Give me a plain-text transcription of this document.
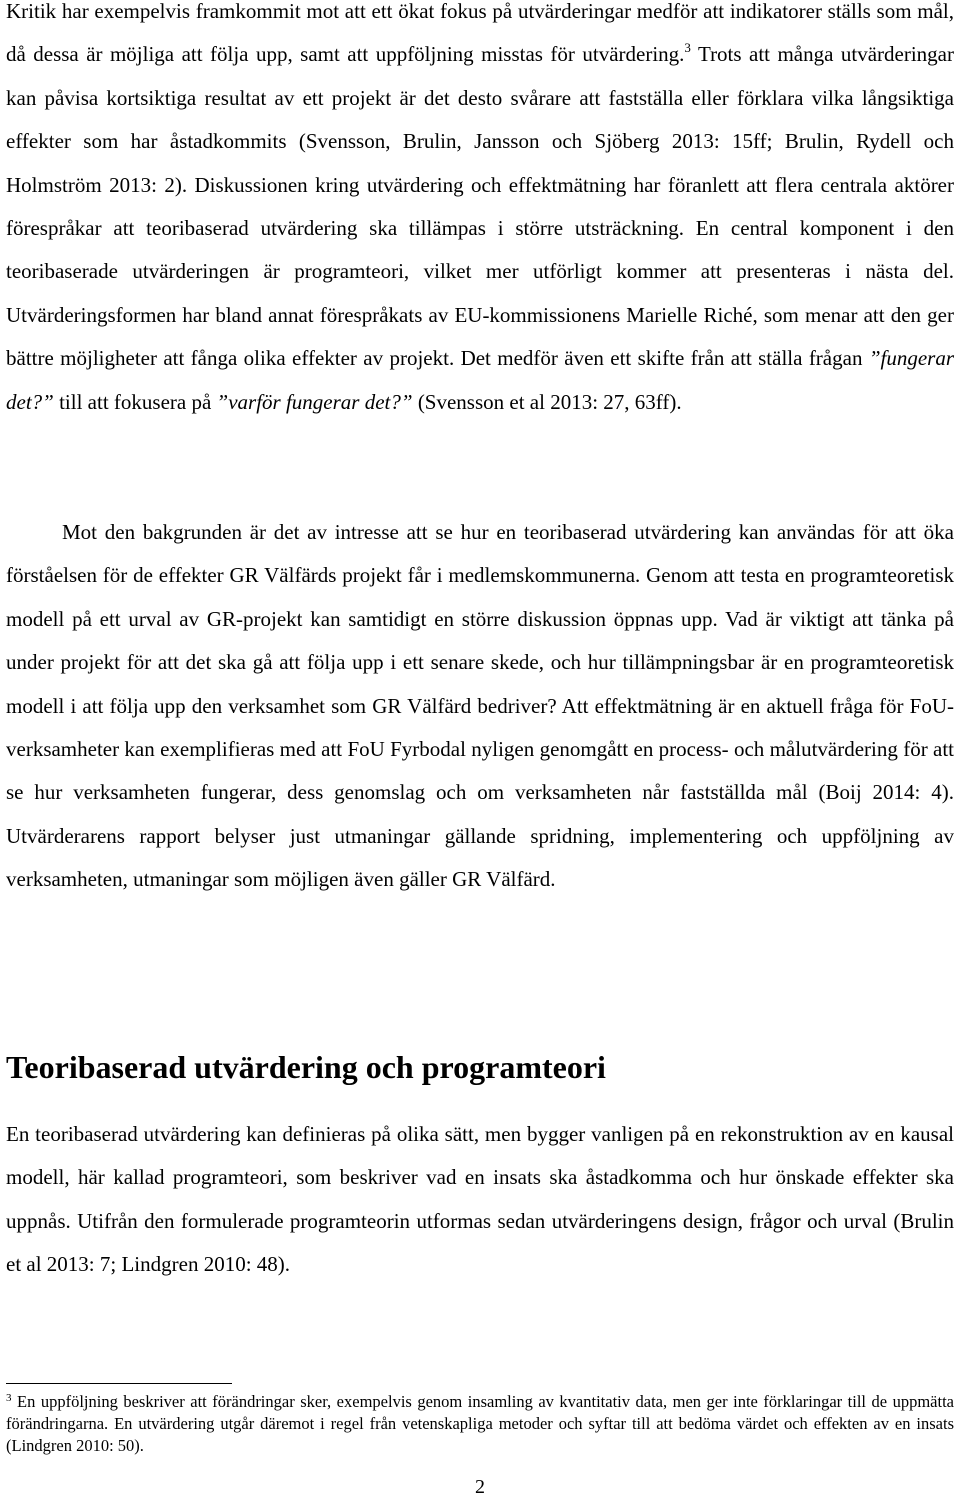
Kritik har exempelvis framkommit mot att ett ökat fokus på utvärderingar medför att indikatorer ställs som mål, då dessa är möjliga att följa upp, samt att uppföljning misstas för utvärdering.$^3$ Trots att många utvärderingar kan påvisa kortsiktiga resultat av ett projekt är det desto svårare att fastställa eller förklara vilka långsiktiga effekter som har åstadkommits (Svensson, Brulin, Jansson och Sjöberg 2013: 15ff; Brulin, Rydell och Holmström 2013: 2). Diskussionen kring utvärdering och effektmätning har föranlett att flera centrala aktörer förespråkar att teoribaserad utvärdering ska tillämpas i större utsträckning. En central komponent i den teoribaserade utvärderingen är programteori, vilket mer utförligt kommer att presenteras i nästa del. Utvärderingsformen har bland annat förespråkats av EU-kommissionens Marielle Riché, som menar att den ger bättre möjligheter att fånga olika effekter av projekt. Det medför även ett skifte från att ställa frågan ”fungerar det?” till att fokusera på ”varför fungerar det?” (Svensson et al 2013: 27, 63ff).

Mot den bakgrunden är det av intresse att se hur en teoribaserad utvärdering kan användas för att öka förståelsen för de effekter GR Välfärds projekt får i medlemskommunerna. Genom att testa en programteoretisk modell på ett urval av GR-projekt kan samtidigt en större diskussion öppnas upp. Vad är viktigt att tänka på under projekt för att det ska gå att följa upp i ett senare skede, och hur tillämpningsbar är en programteoretisk modell i att följa upp den verksamhet som GR Välfärd bedriver? Att effektmätning är en aktuell fråga för FoU-verksamheter kan exemplifieras med att FoU Fyrbodal nyligen genomgått en process- och målutvärdering för att se hur verksamheten fungerar, dess genomslag och om verksamheten når fastställda mål (Boij 2014: 4). Utvärderarens rapport belyser just utmaningar gällande spridning, implementering och uppföljning av verksamheten, utmaningar som möjligen även gäller GR Välfärd.

Teoribaserad utvärdering och programteori

En teoribaserad utvärdering kan definieras på olika sätt, men bygger vanligen på en rekonstruktion av en kausal modell, här kallad programteori, som beskriver vad en insats ska åstadkomma och hur önskade effekter ska uppnås. Utifrån den formulerade programteorin utformas sedan utvärderingens design, frågor och urval (Brulin et al 2013: 7; Lindgren 2010: 48).

$^3$ En uppföljning beskriver att förändringar sker, exempelvis genom insamling av kvantitativ data, men ger inte förklaringar till de uppmätta förändringarna. En utvärdering utgår däremot i regel från vetenskapliga metoder och syftar till att bedöma värdet och effekten av en insats (Lindgren 2010: 50).

2
